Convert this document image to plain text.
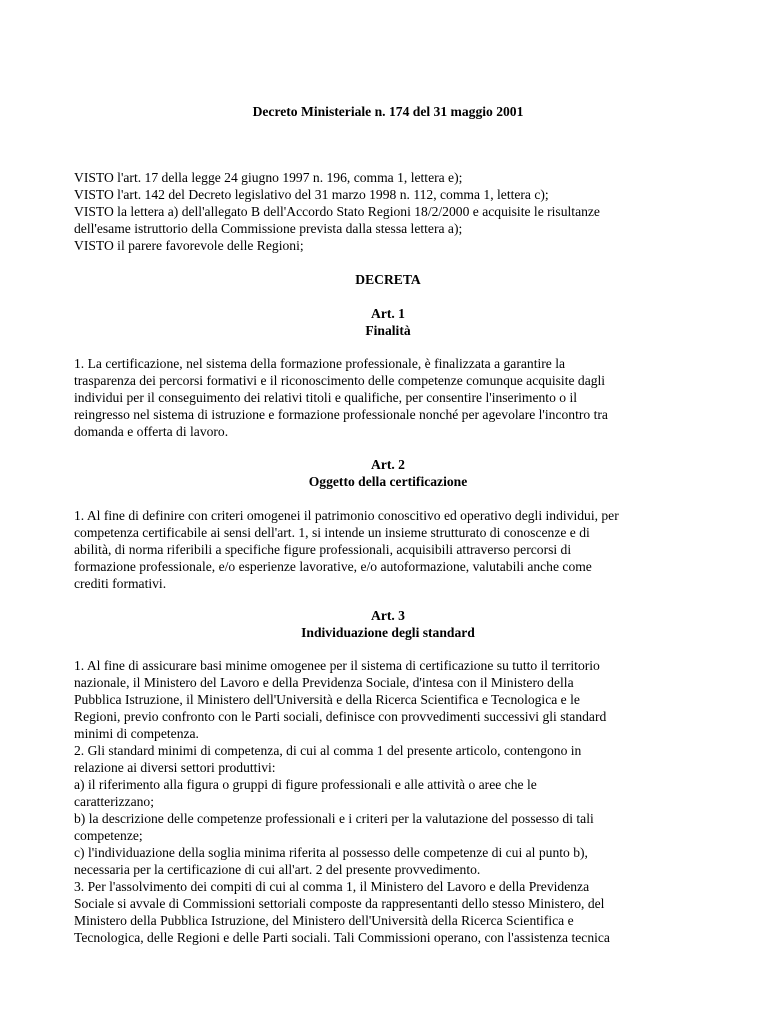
Decreto Ministeriale n. 174 del 31 maggio 2001
VISTO l'art. 17 della legge 24 giugno 1997 n. 196, comma 1, lettera e);
VISTO l'art. 142 del Decreto legislativo del 31 marzo 1998 n. 112, comma 1, lettera c);
VISTO la lettera a) dell'allegato B dell'Accordo Stato Regioni 18/2/2000 e acquisite le risultanze
dell'esame istruttorio della Commissione prevista dalla stessa lettera a);
VISTO il parere favorevole delle Regioni;
DECRETA
Art. 1
Finalità
1. La certificazione, nel sistema della formazione professionale, è finalizzata a garantire la
trasparenza dei percorsi formativi e il riconoscimento delle competenze comunque acquisite dagli
individui per il conseguimento dei relativi titoli e qualifiche, per consentire l'inserimento o il
reingresso nel sistema di istruzione e formazione professionale nonché per agevolare l'incontro tra
domanda e offerta di lavoro.
Art. 2
Oggetto della certificazione
1. Al fine di definire con criteri omogenei il patrimonio conoscitivo ed operativo degli individui, per
competenza certificabile ai sensi dell'art. 1, si intende un insieme strutturato di conoscenze e di
abilità, di norma riferibili a specifiche figure professionali, acquisibili attraverso percorsi di
formazione professionale, e/o esperienze lavorative, e/o autoformazione, valutabili anche come
crediti formativi.
Art. 3
Individuazione degli standard
1. Al fine di assicurare basi minime omogenee per il sistema di certificazione su tutto il territorio
nazionale, il Ministero del Lavoro e della Previdenza Sociale, d'intesa con il Ministero della
Pubblica Istruzione, il Ministero dell'Università e della Ricerca Scientifica e Tecnologica e le
Regioni, previo confronto con le Parti sociali, definisce con provvedimenti successivi gli standard
minimi di competenza.
2. Gli standard minimi di competenza, di cui al comma 1 del presente articolo, contengono in
relazione ai diversi settori produttivi:
a) il riferimento alla figura o gruppi di figure professionali e alle attività o aree che le
caratterizzano;
b) la descrizione delle competenze professionali e i criteri per la valutazione del possesso di tali
competenze;
c) l'individuazione della soglia minima riferita al possesso delle competenze di cui al punto b),
necessaria per la certificazione di cui all'art. 2 del presente provvedimento.
3. Per l'assolvimento dei compiti di cui al comma 1, il Ministero del Lavoro e della Previdenza
Sociale si avvale di Commissioni settoriali composte da rappresentanti dello stesso Ministero, del
Ministero della Pubblica Istruzione, del Ministero dell'Università della Ricerca Scientifica e
Tecnologica, delle Regioni e delle Parti sociali. Tali Commissioni operano, con l'assistenza tecnica
